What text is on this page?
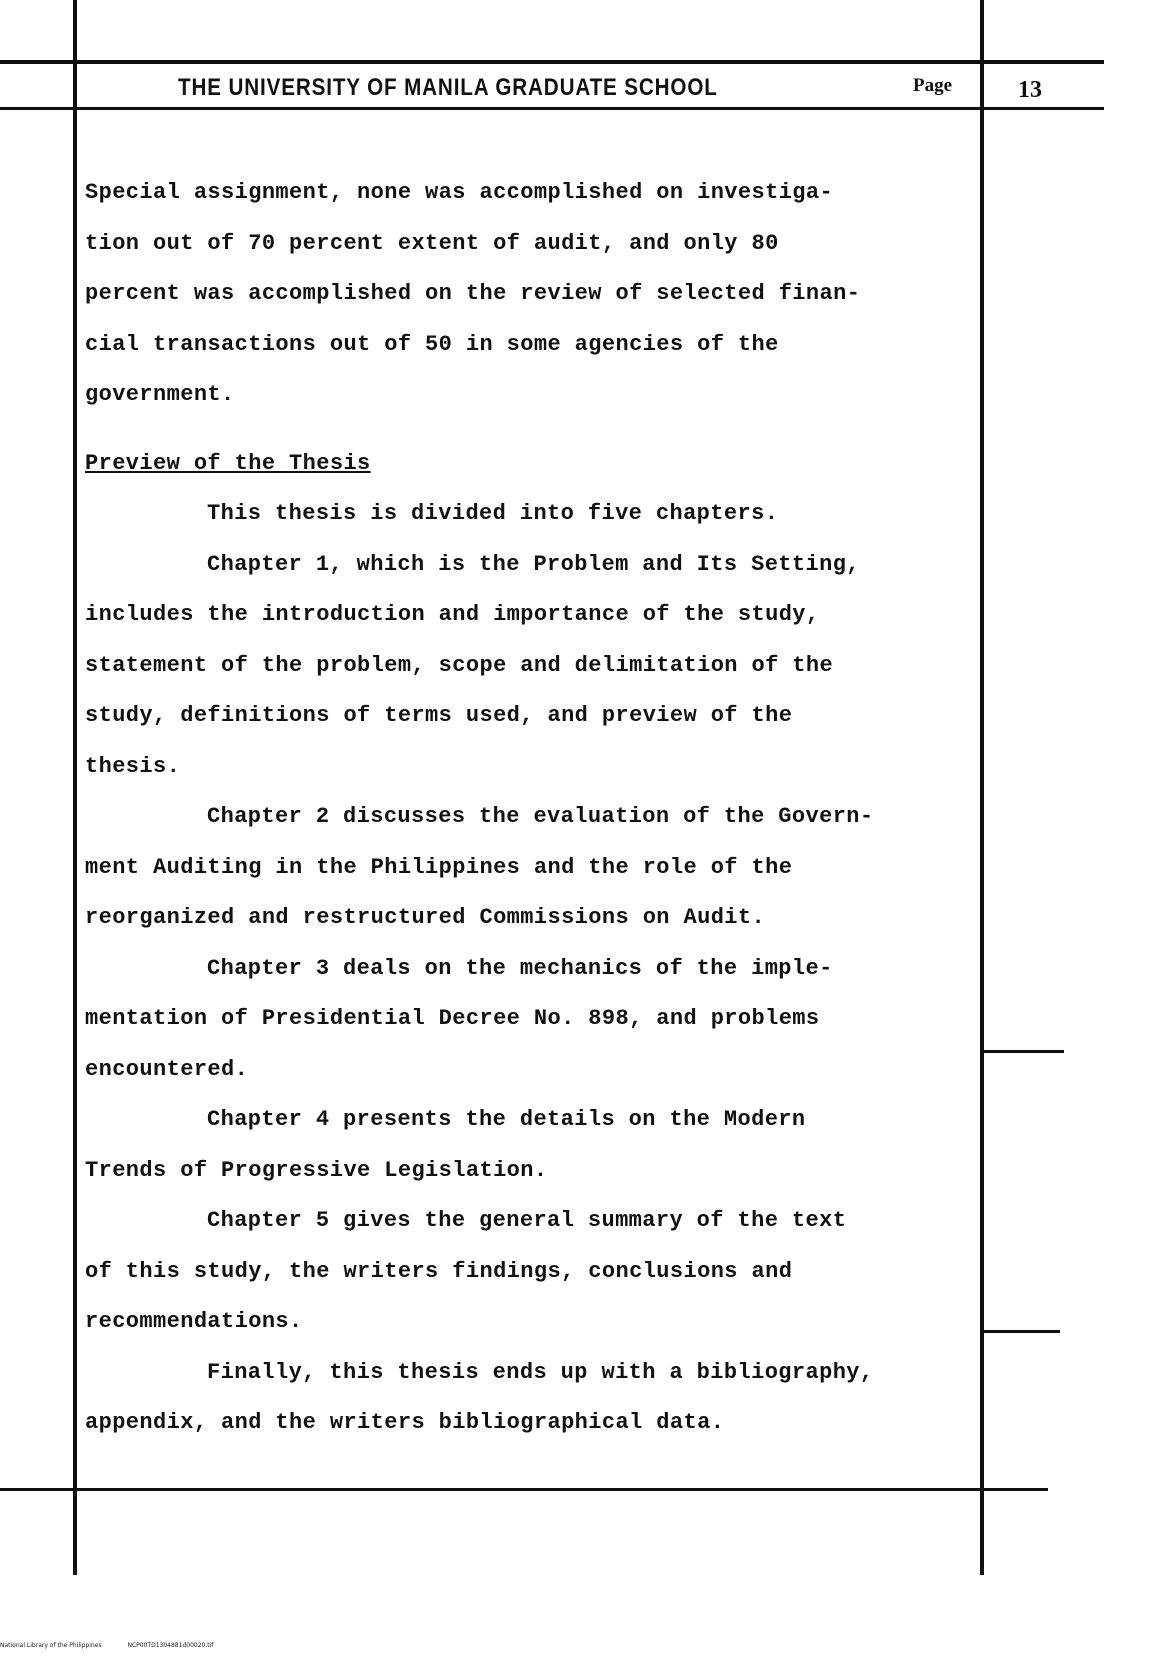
THE UNIVERSITY OF MANILA GRADUATE SCHOOL	Page	13
Special assignment, none was accomplished on investiga-
tion out of 70 percent extent of audit, and only 80
percent was accomplished on the review of selected finan-
cial transactions out of 50 in some agencies of the
government.
Preview of the Thesis
This thesis is divided into five chapters.
Chapter 1, which is the Problem and Its Setting,
includes the introduction and importance of the study,
statement of the problem, scope and delimitation of the
study, definitions of terms used, and preview of the
thesis.
Chapter 2 discusses the evaluation of the Govern-
ment Auditing in the Philippines and the role of the
reorganized and restructured Commissions on Audit.
Chapter 3 deals on the mechanics of the imple-
mentation of Presidential Decree No. 898, and problems
encountered.
Chapter 4 presents the details on the Modern
Trends of Progressive Legislation.
Chapter 5 gives the general summary of the text
of this study, the writers findings, conclusions and
recommendations.
Finally, this thesis ends up with a bibliography,
appendix, and the writers bibliographical data.
National Library of the Philippines	NCP00TD1304881d00020.tif
